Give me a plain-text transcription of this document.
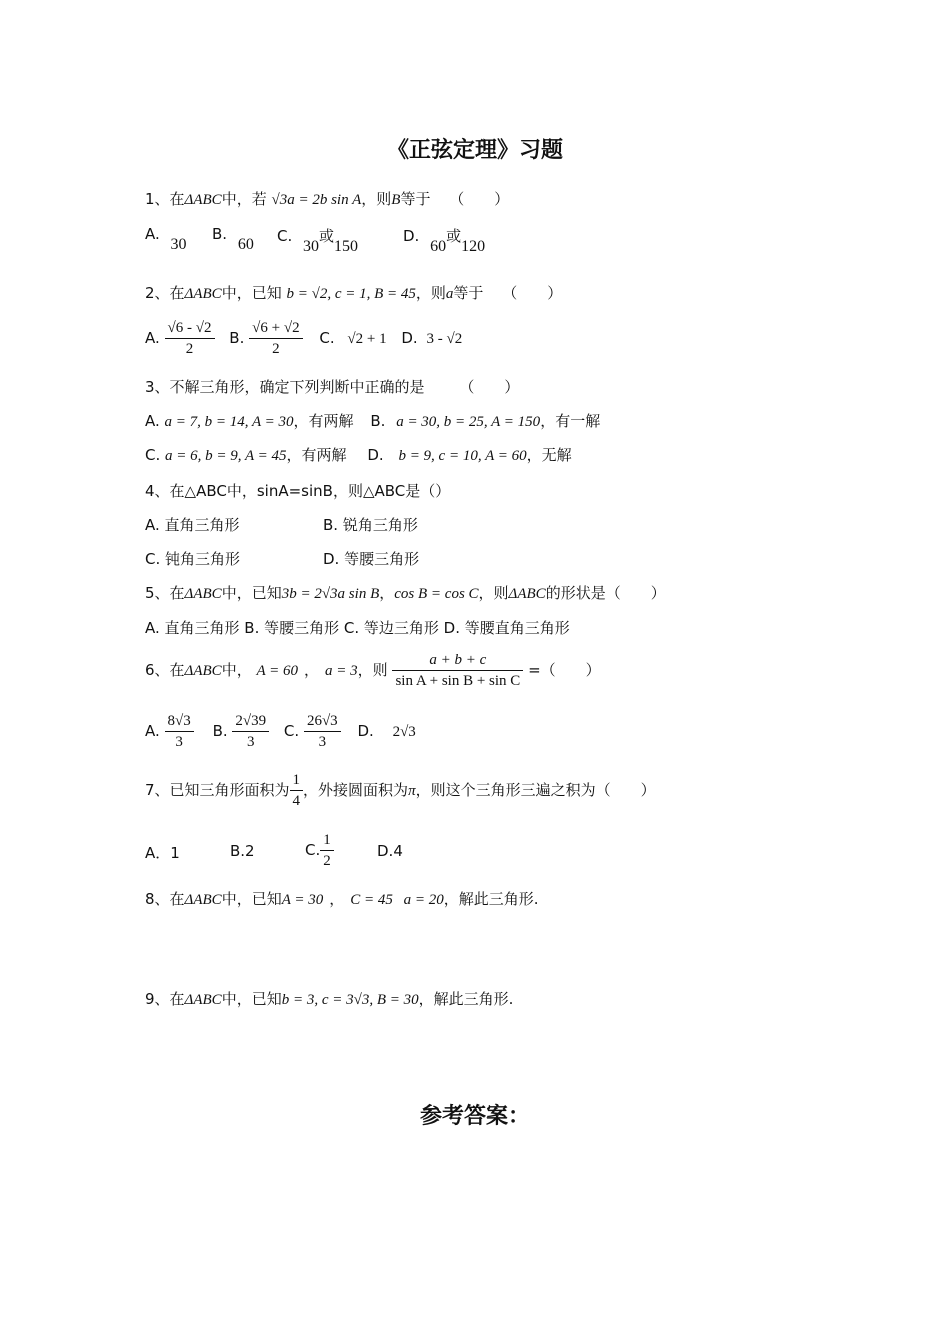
《正弦定理》习题
1、在ΔABC中，若 √3a = 2b sin A，则B等于 （　　）
A. 30
B. 60 C. 30或150
D. 60或120
2、在ΔABC中，已知 b = √2, c = 1, B = 45，则a等于 （　　）
A. $\frac{√6 - √2}{2} B$. $\frac{√6 + √2}{2} C$. √2 + 1 D. 3 - √2
3、不解三角形，确定下列判断中正确的是 （　　）
A. a = 7, b = 14, A = 30，有两解 B. a = 30, b = 25, A = 150，有一解
C. a = 6, b = 9, A = 45，有两解 D. b = 9, c = 10, A = 60，无解
4、在△ABC中，sinA=sinB，则△ABC是（）
A. 直角三角形	B. 锐角三角形
C. 钝角三角形	D. 等腰三角形
5、在ΔABC中，已知3b = 2√3a sin B，cos B = cos C，则ΔABC的形状是（　　）
A. 直角三角形 B. 等腰三角形 C. 等边三角形 D. 等腰直角三角形
6、在ΔABC中， A = 60 ， a = 3，则 $\frac{a + b + c}{\text{sin A + sin B + sin C}}$ =（　　）
A. $\frac{8√3}{3} B$. $\frac{2√39}{3} C$. $\frac{26√3}{3} D$. 2√3
7、已知三角形面积为 $\frac{1}{4}$ ，外接圆面积为π，则这个三角形三遍之积为（　　）
A．1	B.2	C. $\frac{1}{2}$	D.4
8、在ΔABC中，已知A = 30 ， C = 45 a = 20，解此三角形.
9、在ΔABC中，已知b = 3, c = 3√3, B = 30，解此三角形.
参考答案：
